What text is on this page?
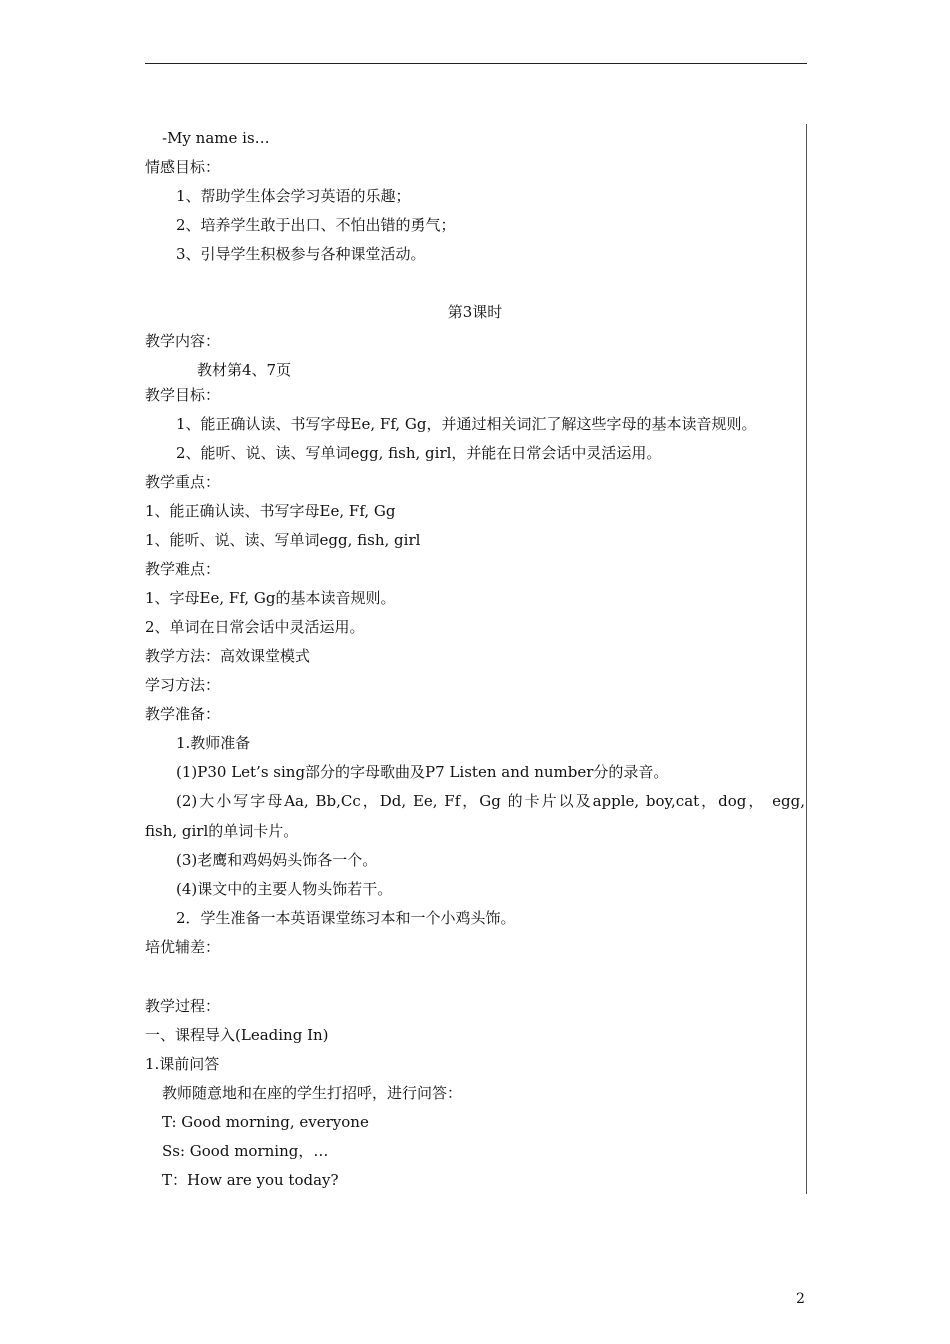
-My name is…
情感目标：
1、帮助学生体会学习英语的乐趣；
2、培养学生敢于出口、不怕出错的勇气；
3、引导学生积极参与各种课堂活动。
第3课时
教学内容：
教材第4、7页
教学目标：
1、能正确认读、书写字母Ee, Ff, Gg，并通过相关词汇了解这些字母的基本读音规则。
2、能听、说、读、写单词egg, fish, girl，并能在日常会话中灵活运用。
教学重点：
1、能正确认读、书写字母Ee, Ff, Gg
1、能听、说、读、写单词egg, fish, girl
教学难点：
1、字母Ee, Ff, Gg的基本读音规则。
2、单词在日常会话中灵活运用。
教学方法：高效课堂模式
学习方法：
教学准备：
1.教师准备
(1)P30 Let’s sing部分的字母歌曲及P7 Listen and number分的录音。
(2)大小写字母Aa, Bb,Cc，Dd, Ee, Ff，Gg 的卡片以及apple, boy,cat，dog， egg,
fish, girl的单词卡片。
(3)老鹰和鸡妈妈头饰各一个。
(4)课文中的主要人物头饰若干。
2．学生准备一本英语课堂练习本和一个小鸡头饰。
培优辅差：
教学过程：
一、课程导入(Leading In)
1.课前问答
教师随意地和在座的学生打招呼，进行问答：
T: Good morning, everyone
Ss: Good morning，…
T：How are you today?
2
